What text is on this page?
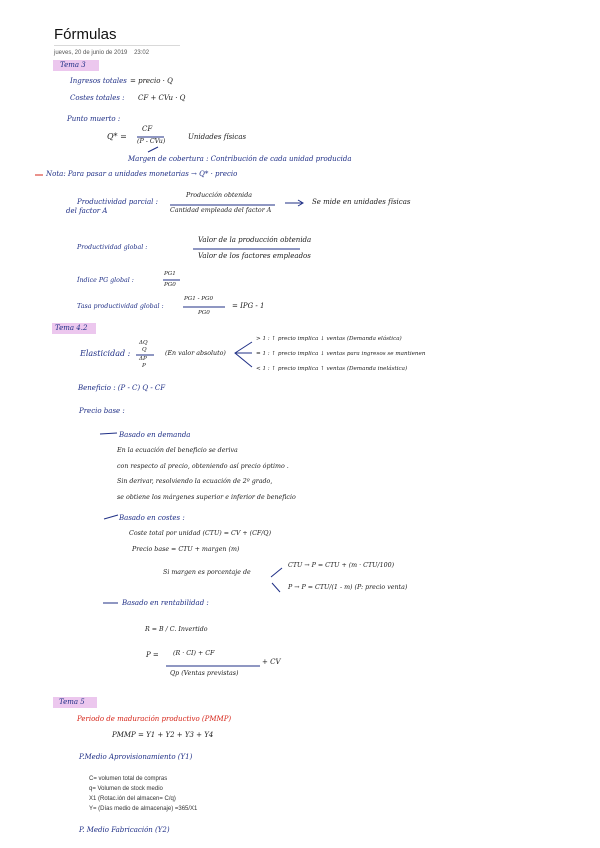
Fórmulas
jueves, 20 de junio de 2019 23:02
Tema 3
Ingresos totales = precio · Q
Costes totales : CF + CVu · Q
Punto muerto :
Q* =
CF
(P - CVu)
Unidades físicas
Margen de cobertura : Contribución de cada unidad producida
Nota: Para pasar a unidades monetarias → Q* · precio
Productividad parcial :
del factor A
Producción obtenida
Cantidad empleada del factor A
Se mide en unidades físicas
Productividad global :
Valor de la producción obtenida
Valor de los factores empleados
Índice PG global :
PG1
PG0
Tasa productividad global :
PG1 - PG0
PG0
= IPG - 1
Tema 4.2
Elasticidad :
ΔQ
Q
ΔP
P
(En valor absoluto)
> 1 : ↑ precio implica ↓ ventas (Demanda elástica)
= 1 : ↑ precio implica ↓ ventas para ingresos se mantienen
< 1 : ↑ precio implica ↑ ventas (Demanda inelástica)
Beneficio : (P - C) Q - CF
Precio base :
Basado en demanda
En la ecuación del beneficio se deriva
con respecto al precio, obteniendo así precio óptimo .
Sin derivar, resolviendo la ecuación de 2º grado,
se obtiene los márgenes superior e inferior de beneficio
Basado en costes :
Coste total por unidad (CTU) = CV + (CF/Q)
Precio base = CTU + margen (m)
Si margen es porcentaje de
CTU → P = CTU + (m · CTU/100)
P → P = CTU/(1 - m) (P: precio venta)
Basado en rentabilidad :
R = B / C. Invertido
P = (R · CI) + CF
Qp (Ventas previstas)
+ CV
Tema 5
Periodo de maduración productivo (PMMP)
PMMP = Y1 + Y2 + Y3 + Y4
P.Medio Aprovisionamiento (Y1)
C= volumen total de compras
q= Volumen de stock medio
X1 (Rotac.ión del almacen= C/q)
Y= (Días medio de almacenaje) =365/X1
P. Medio Fabricación (Y2)
